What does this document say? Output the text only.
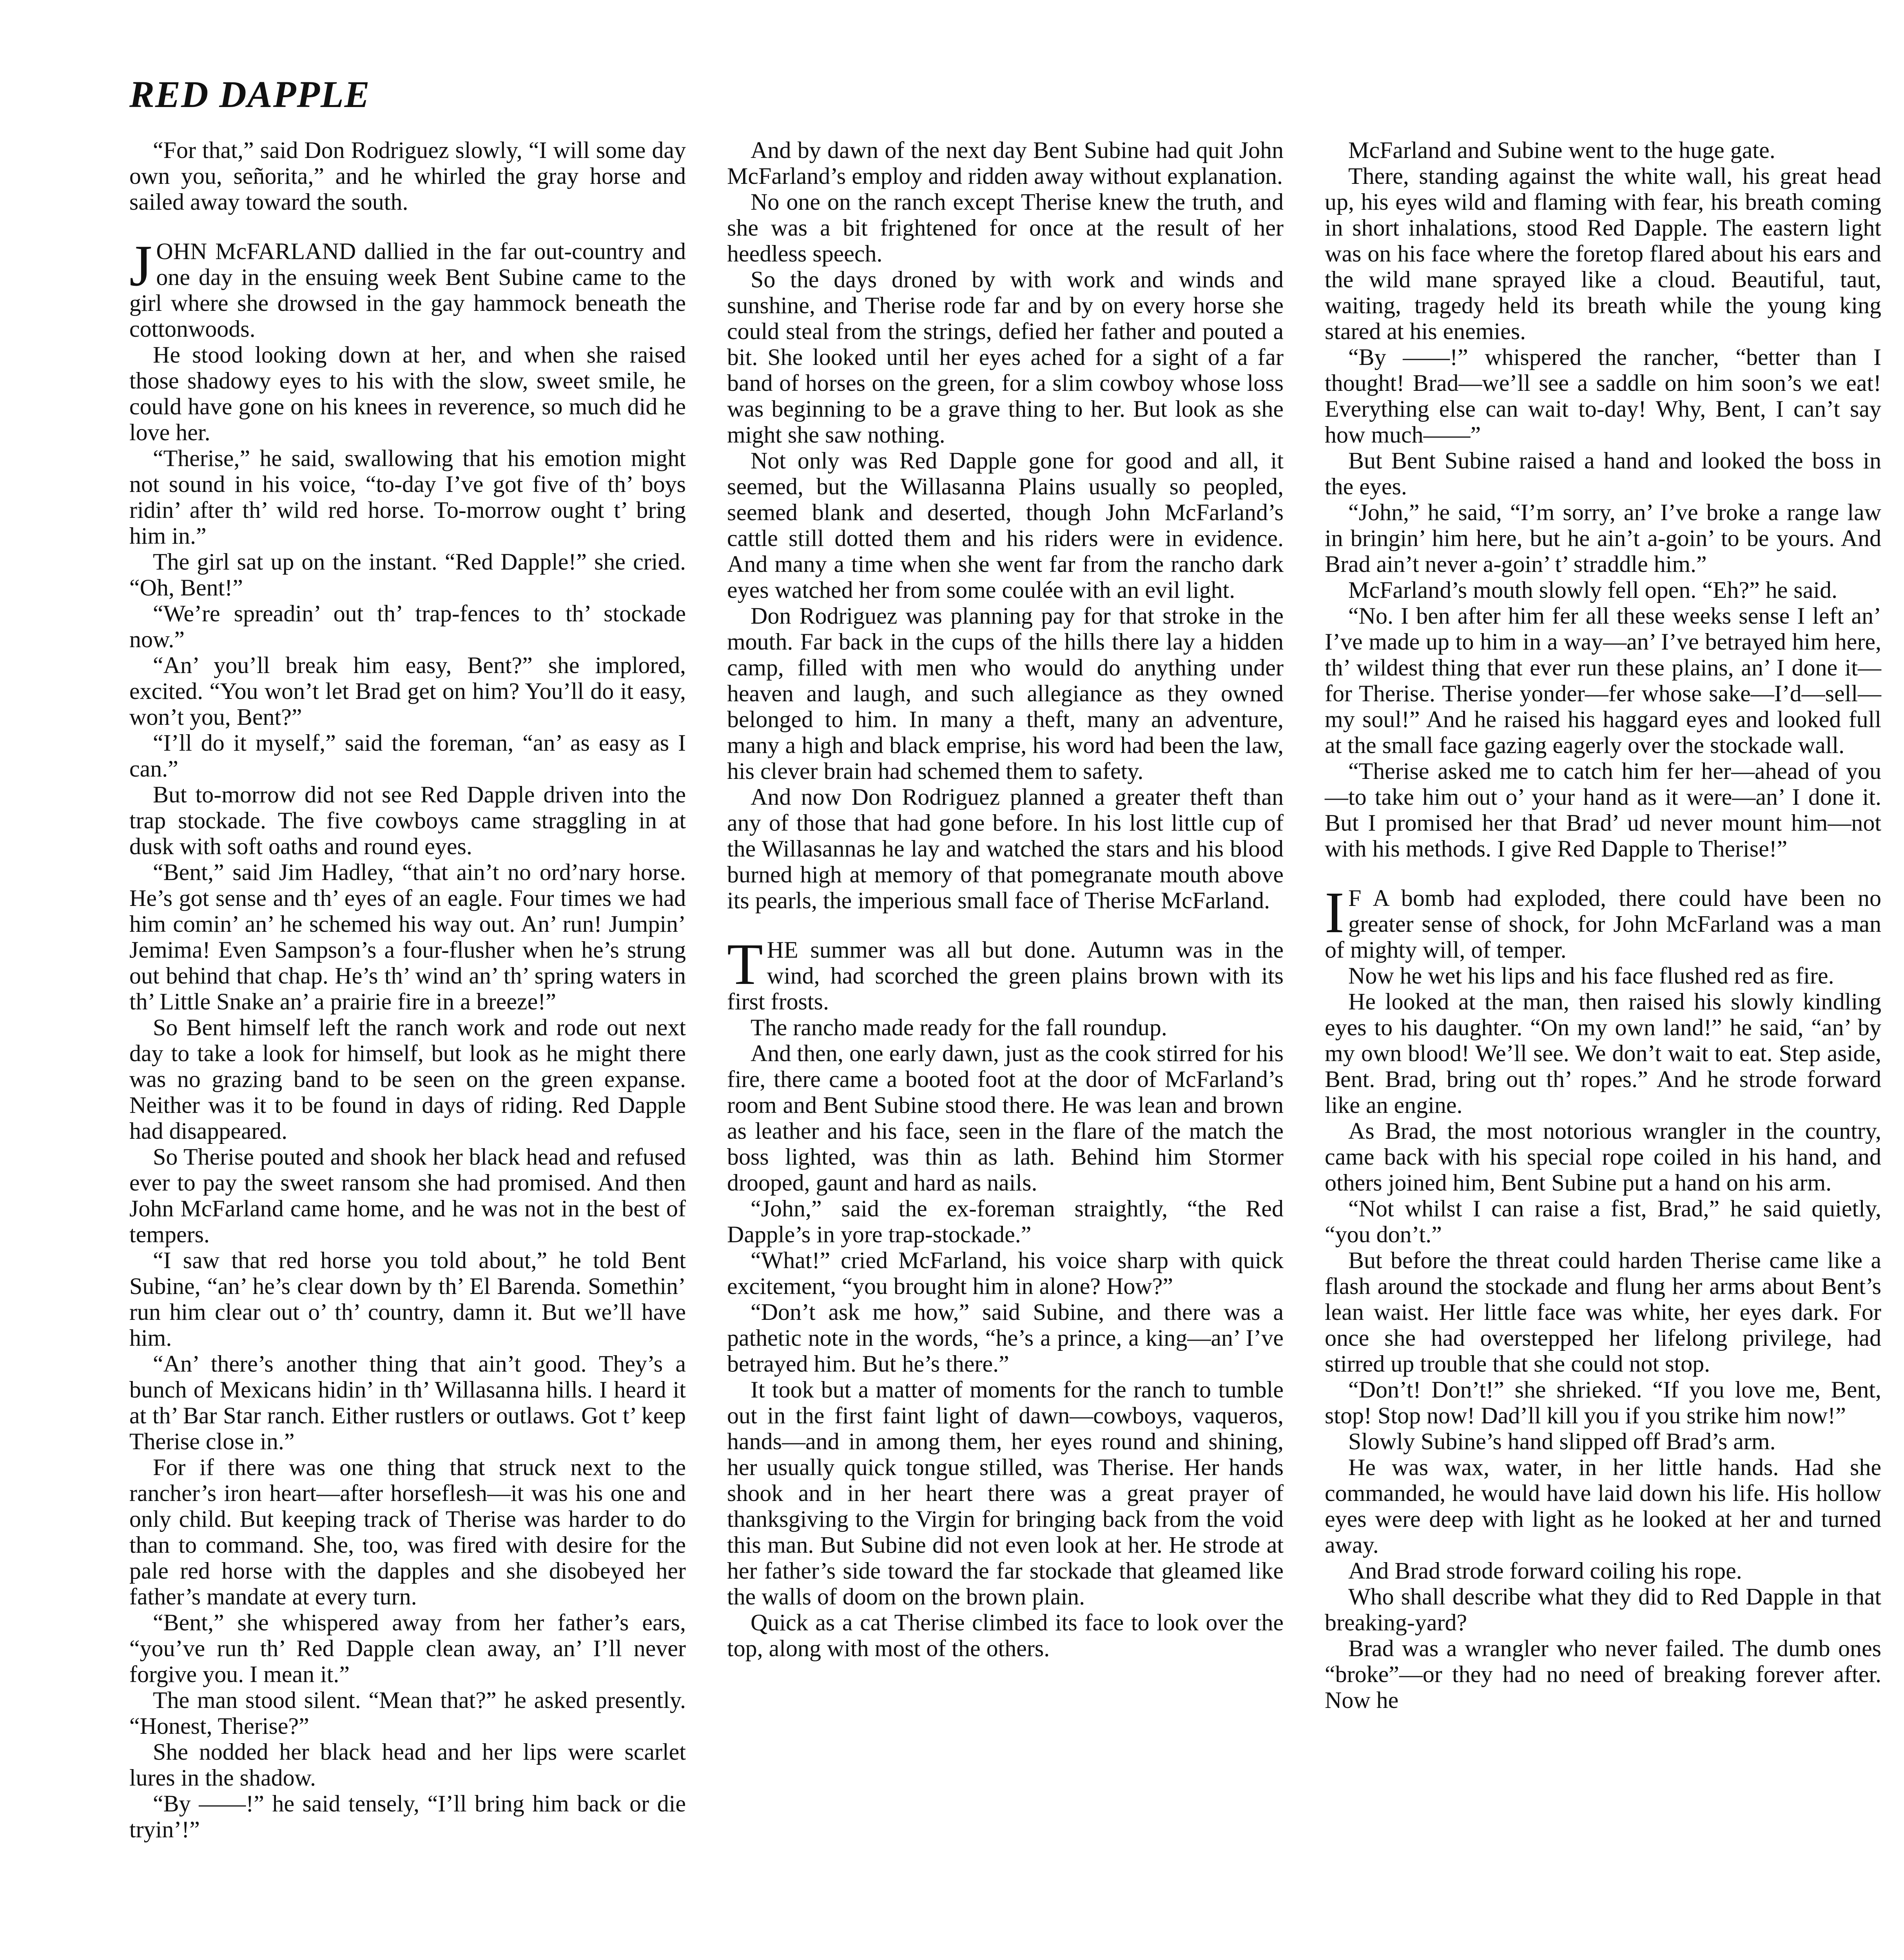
RED DAPPLE

“For that,” said Don Rodriguez slowly, “I will some day own you, señorita,” and he whirled the gray horse and sailed away toward the south.

JOHN McFARLAND dallied in the far out-country and one day in the ensuing week Bent Subine came to the girl where she drowsed in the gay hammock beneath the cottonwoods.

He stood looking down at her, and when she raised those shadowy eyes to his with the slow, sweet smile, he could have gone on his knees in reverence, so much did he love her.

“Therise,” he said, swallowing that his emotion might not sound in his voice, “to-day I’ve got five of th’ boys ridin’ after th’ wild red horse. To-morrow ought t’ bring him in.”

The girl sat up on the instant. “Red Dapple!” she cried. “Oh, Bent!”

“We’re spreadin’ out th’ trap-fences to th’ stockade now.”

“An’ you’ll break him easy, Bent?” she implored, excited. “You won’t let Brad get on him? You’ll do it easy, won’t you, Bent?”

“I’ll do it myself,” said the foreman, “an’ as easy as I can.”

But to-morrow did not see Red Dapple driven into the trap stockade. The five cowboys came straggling in at dusk with soft oaths and round eyes.

“Bent,” said Jim Hadley, “that ain’t no ord’nary horse. He’s got sense and th’ eyes of an eagle. Four times we had him comin’ an’ he schemed his way out. An’ run! Jumpin’ Jemima! Even Sampson’s a four-flusher when he’s strung out behind that chap. He’s th’ wind an’ th’ spring waters in th’ Little Snake an’ a prairie fire in a breeze!”

So Bent himself left the ranch work and rode out next day to take a look for himself, but look as he might there was no grazing band to be seen on the green expanse. Neither was it to be found in days of riding. Red Dapple had disappeared.

So Therise pouted and shook her black head and refused ever to pay the sweet ransom she had promised. And then John McFarland came home, and he was not in the best of tempers.

“I saw that red horse you told about,” he told Bent Subine, “an’ he’s clear down by th’ El Barenda. Somethin’ run him clear out o’ th’ country, damn it. But we’ll have him.

“An’ there’s another thing that ain’t good. They’s a bunch of Mexicans hidin’ in th’ Willasanna hills. I heard it at th’ Bar Star ranch. Either rustlers or outlaws. Got t’ keep Therise close in.”

For if there was one thing that struck next to the rancher’s iron heart—after horseflesh—it was his one and only child. But keeping track of Therise was harder to do than to command. She, too, was fired with desire for the pale red horse with the dapples and she disobeyed her father’s mandate at every turn.

“Bent,” she whispered away from her father’s ears, “you’ve run th’ Red Dapple clean away, an’ I’ll never forgive you. I mean it.”

The man stood silent. “Mean that?” he asked presently. “Honest, Therise?”

She nodded her black head and her lips were scarlet lures in the shadow.

“By ——!” he said tensely, “I’ll bring him back or die tryin’!”

And by dawn of the next day Bent Subine had quit John McFarland’s employ and ridden away without explanation.

No one on the ranch except Therise knew the truth, and she was a bit frightened for once at the result of her heedless speech.

So the days droned by with work and winds and sunshine, and Therise rode far and by on every horse she could steal from the strings, defied her father and pouted a bit. She looked until her eyes ached for a sight of a far band of horses on the green, for a slim cowboy whose loss was beginning to be a grave thing to her. But look as she might she saw nothing.

Not only was Red Dapple gone for good and all, it seemed, but the Willasanna Plains usually so peopled, seemed blank and deserted, though John McFarland’s cattle still dotted them and his riders were in evidence. And many a time when she went far from the rancho dark eyes watched her from some coulée with an evil light.

Don Rodriguez was planning pay for that stroke in the mouth. Far back in the cups of the hills there lay a hidden camp, filled with men who would do anything under heaven and laugh, and such allegiance as they owned belonged to him. In many a theft, many an adventure, many a high and black emprise, his word had been the law, his clever brain had schemed them to safety.

And now Don Rodriguez planned a greater theft than any of those that had gone before. In his lost little cup of the Willasannas he lay and watched the stars and his blood burned high at memory of that pomegranate mouth above its pearls, the imperious small face of Therise McFarland.

THE summer was all but done. Autumn was in the wind, had scorched the green plains brown with its first frosts.

The rancho made ready for the fall roundup.

And then, one early dawn, just as the cook stirred for his fire, there came a booted foot at the door of McFarland’s room and Bent Subine stood there. He was lean and brown as leather and his face, seen in the flare of the match the boss lighted, was thin as lath. Behind him Stormer drooped, gaunt and hard as nails.

“John,” said the ex-foreman straightly, “the Red Dapple’s in yore trap-stockade.”

“What!” cried McFarland, his voice sharp with quick excitement, “you brought him in alone? How?”

“Don’t ask me how,” said Subine, and there was a pathetic note in the words, “he’s a prince, a king—an’ I’ve betrayed him. But he’s there.”

It took but a matter of moments for the ranch to tumble out in the first faint light of dawn—cowboys, vaqueros, hands—and in among them, her eyes round and shining, her usually quick tongue stilled, was Therise. Her hands shook and in her heart there was a great prayer of thanksgiving to the Virgin for bringing back from the void this man. But Subine did not even look at her. He strode at her father’s side toward the far stockade that gleamed like the walls of doom on the brown plain.

Quick as a cat Therise climbed its face to look over the top, along with most of the others.

McFarland and Subine went to the huge gate.

There, standing against the white wall, his great head up, his eyes wild and flaming with fear, his breath coming in short inhalations, stood Red Dapple. The eastern light was on his face where the foretop flared about his ears and the wild mane sprayed like a cloud. Beautiful, taut, waiting, tragedy held its breath while the young king stared at his enemies.

“By ——!” whispered the rancher, “better than I thought! Brad—we’ll see a saddle on him soon’s we eat! Everything else can wait to-day! Why, Bent, I can’t say how much——”

But Bent Subine raised a hand and looked the boss in the eyes.

“John,” he said, “I’m sorry, an’ I’ve broke a range law in bringin’ him here, but he ain’t a-goin’ to be yours. And Brad ain’t never a-goin’ t’ straddle him.”

McFarland’s mouth slowly fell open. “Eh?” he said.

“No. I ben after him fer all these weeks sense I left an’ I’ve made up to him in a way—an’ I’ve betrayed him here, th’ wildest thing that ever run these plains, an’ I done it—for Therise. Therise yonder—fer whose sake—I’d—sell—my soul!” And he raised his haggard eyes and looked full at the small face gazing eagerly over the stockade wall.

“Therise asked me to catch him fer her—ahead of you—to take him out o’ your hand as it were—an’ I done it. But I promised her that Brad’ ud never mount him—not with his methods. I give Red Dapple to Therise!”

I F A bomb had exploded, there could have been no greater sense of shock, for John McFarland was a man of mighty will, of temper.

Now he wet his lips and his face flushed red as fire.

He looked at the man, then raised his slowly kindling eyes to his daughter. “On my own land!” he said, “an’ by my own blood! We’ll see. We don’t wait to eat. Step aside, Bent. Brad, bring out th’ ropes.” And he strode forward like an engine.

As Brad, the most notorious wrangler in the country, came back with his special rope coiled in his hand, and others joined him, Bent Subine put a hand on his arm.

“Not whilst I can raise a fist, Brad,” he said quietly, “you don’t.”

But before the threat could harden Therise came like a flash around the stockade and flung her arms about Bent’s lean waist. Her little face was white, her eyes dark. For once she had overstepped her lifelong privilege, had stirred up trouble that she could not stop.

“Don’t! Don’t!” she shrieked. “If you love me, Bent, stop! Stop now! Dad’ll kill you if you strike him now!”

Slowly Subine’s hand slipped off Brad’s arm.

He was wax, water, in her little hands. Had she commanded, he would have laid down his life. His hollow eyes were deep with light as he looked at her and turned away.

And Brad strode forward coiling his rope.

Who shall describe what they did to Red Dapple in that breaking-yard?

Brad was a wrangler who never failed. The dumb ones “broke”—or they had no need of breaking forever after. Now he
